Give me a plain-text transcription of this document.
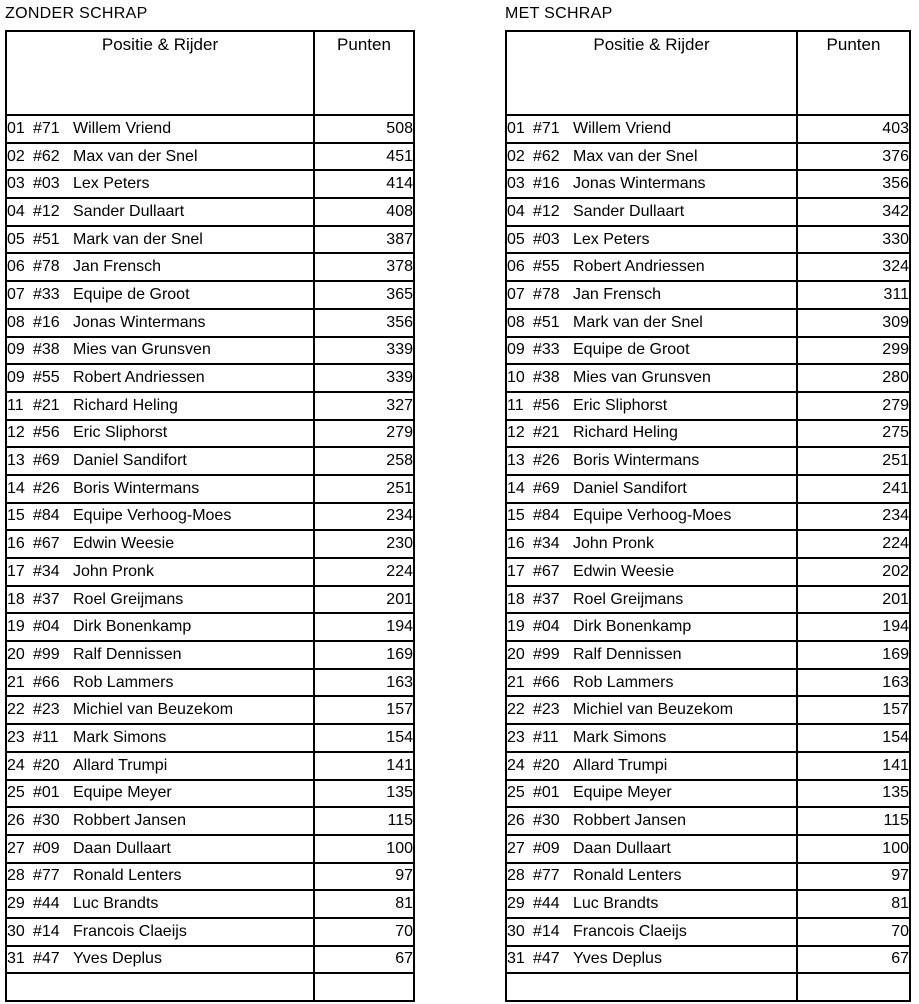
ZONDER SCHRAP
Positie & Rijder	Punten
01 #71 Willem Vriend	508
02 #62 Max van der Snel	451
03 #03 Lex Peters	414
04 #12 Sander Dullaart	408
05 #51 Mark van der Snel	387
06 #78 Jan Frensch	378
07 #33 Equipe de Groot	365
08 #16 Jonas Wintermans	356
09 #38 Mies van Grunsven	339
09 #55 Robert Andriessen	339
11 #21 Richard Heling	327
12 #56 Eric Sliphorst	279
13 #69 Daniel Sandifort	258
14 #26 Boris Wintermans	251
15 #84 Equipe Verhoog-Moes	234
16 #67 Edwin Weesie	230
17 #34 John Pronk	224
18 #37 Roel Greijmans	201
19 #04 Dirk Bonenkamp	194
20 #99 Ralf Dennissen	169
21 #66 Rob Lammers	163
22 #23 Michiel van Beuzekom	157
23 #11 Mark Simons	154
24 #20 Allard Trumpi	141
25 #01 Equipe Meyer	135
26 #30 Robbert Jansen	115
27 #09 Daan Dullaart	100
28 #77 Ronald Lenters	97
29 #44 Luc Brandts	81
30 #14 Francois Claeijs	70
31 #47 Yves Deplus	67

MET SCHRAP
Positie & Rijder	Punten
01 #71 Willem Vriend	403
02 #62 Max van der Snel	376
03 #16 Jonas Wintermans	356
04 #12 Sander Dullaart	342
05 #03 Lex Peters	330
06 #55 Robert Andriessen	324
07 #78 Jan Frensch	311
08 #51 Mark van der Snel	309
09 #33 Equipe de Groot	299
10 #38 Mies van Grunsven	280
11 #56 Eric Sliphorst	279
12 #21 Richard Heling	275
13 #26 Boris Wintermans	251
14 #69 Daniel Sandifort	241
15 #84 Equipe Verhoog-Moes	234
16 #34 John Pronk	224
17 #67 Edwin Weesie	202
18 #37 Roel Greijmans	201
19 #04 Dirk Bonenkamp	194
20 #99 Ralf Dennissen	169
21 #66 Rob Lammers	163
22 #23 Michiel van Beuzekom	157
23 #11 Mark Simons	154
24 #20 Allard Trumpi	141
25 #01 Equipe Meyer	135
26 #30 Robbert Jansen	115
27 #09 Daan Dullaart	100
28 #77 Ronald Lenters	97
29 #44 Luc Brandts	81
30 #14 Francois Claeijs	70
31 #47 Yves Deplus	67
